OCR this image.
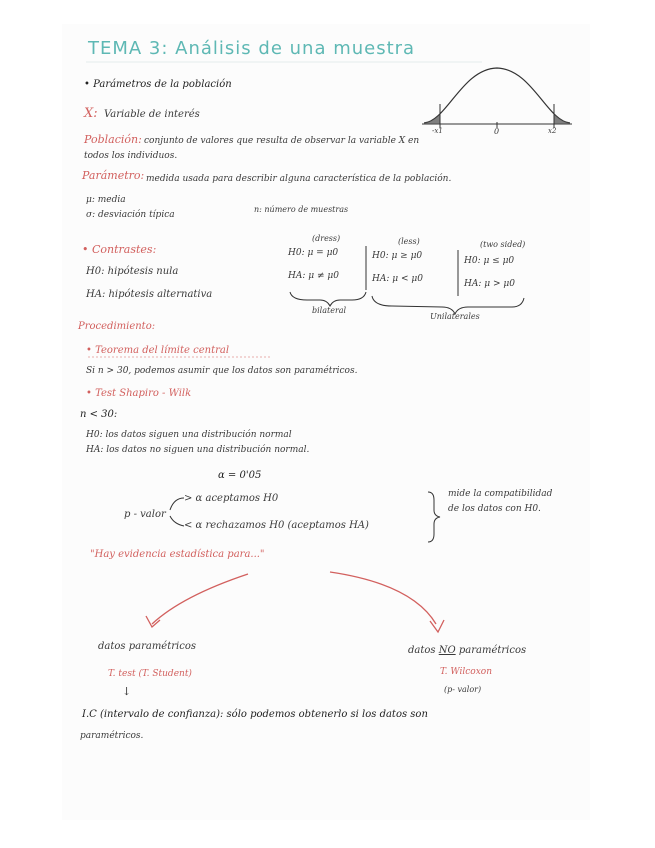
TEMA 3: Análisis de una muestra
• Parámetros de la población
X: Variable de interés
Población: conjunto de valores que resulta de observar la variable X en
todos los individuos.
Parámetro: medida usada para describir alguna característica de la población.
μ: media
σ: desviación típica
n: número de muestras
-x1	0	x2
• Contrastes:
H0: hipótesis nula
HA: hipótesis alternativa
(dress)
H0: μ = μ0
HA: μ ≠ μ0
(less)
H0: μ ≥ μ0
HA: μ < μ0
(two sided)
H0: μ ≤ μ0
HA: μ > μ0
bilateral
Unilaterales
Procedimiento:
• Teorema del límite central
Si n > 30, podemos asumir que los datos son paramétricos.
• Test Shapiro - Wilk
n < 30:
H0: los datos siguen una distribución normal
HA: los datos no siguen una distribución normal.
α = 0'05
p - valor
> α aceptamos H0
< α rechazamos H0 (aceptamos HA)
mide la compatibilidad
de los datos con H0.
"Hay evidencia estadística para..."
datos paramétricos
T. test (T. Student)
↓
datos NO paramétricos
T. Wilcoxon
(p- valor)
I.C (intervalo de confianza): sólo podemos obtenerlo si los datos son
paramétricos.
